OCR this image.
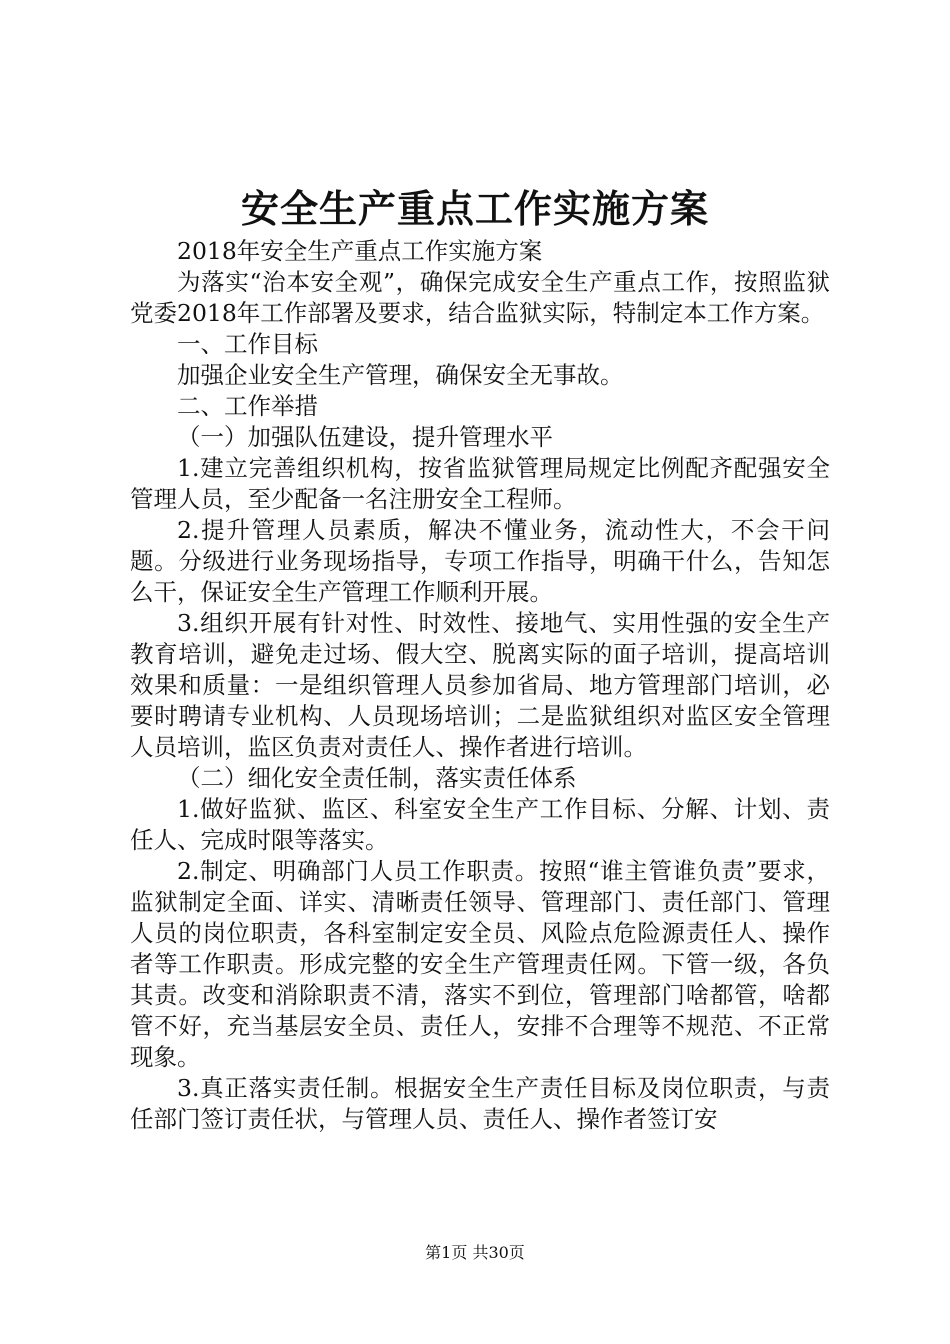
安全生产重点工作实施方案

2018年安全生产重点工作实施方案

为落实“治本安全观”，确保完成安全生产重点工作，按照监狱党委2018年工作部署及要求，结合监狱实际，特制定本工作方案。

一、工作目标

加强企业安全生产管理，确保安全无事故。

二、工作举措

（一）加强队伍建设，提升管理水平

1.建立完善组织机构，按省监狱管理局规定比例配齐配强安全管理人员，至少配备一名注册安全工程师。

2.提升管理人员素质，解决不懂业务，流动性大，不会干问题。分级进行业务现场指导，专项工作指导，明确干什么，告知怎么干，保证安全生产管理工作顺利开展。

3.组织开展有针对性、时效性、接地气、实用性强的安全生产教育培训，避免走过场、假大空、脱离实际的面子培训，提高培训效果和质量：一是组织管理人员参加省局、地方管理部门培训，必要时聘请专业机构、人员现场培训；二是监狱组织对监区安全管理人员培训，监区负责对责任人、操作者进行培训。

（二）细化安全责任制，落实责任体系

1.做好监狱、监区、科室安全生产工作目标、分解、计划、责任人、完成时限等落实。

2.制定、明确部门人员工作职责。按照“谁主管谁负责”要求，监狱制定全面、详实、清晰责任领导、管理部门、责任部门、管理人员的岗位职责，各科室制定安全员、风险点危险源责任人、操作者等工作职责。形成完整的安全生产管理责任网。下管一级，各负其责。改变和消除职责不清，落实不到位，管理部门啥都管，啥都管不好，充当基层安全员、责任人，安排不合理等不规范、不正常现象。

3.真正落实责任制。根据安全生产责任目标及岗位职责，与责任部门签订责任状，与管理人员、责任人、操作者签订安

第1页 共30页
